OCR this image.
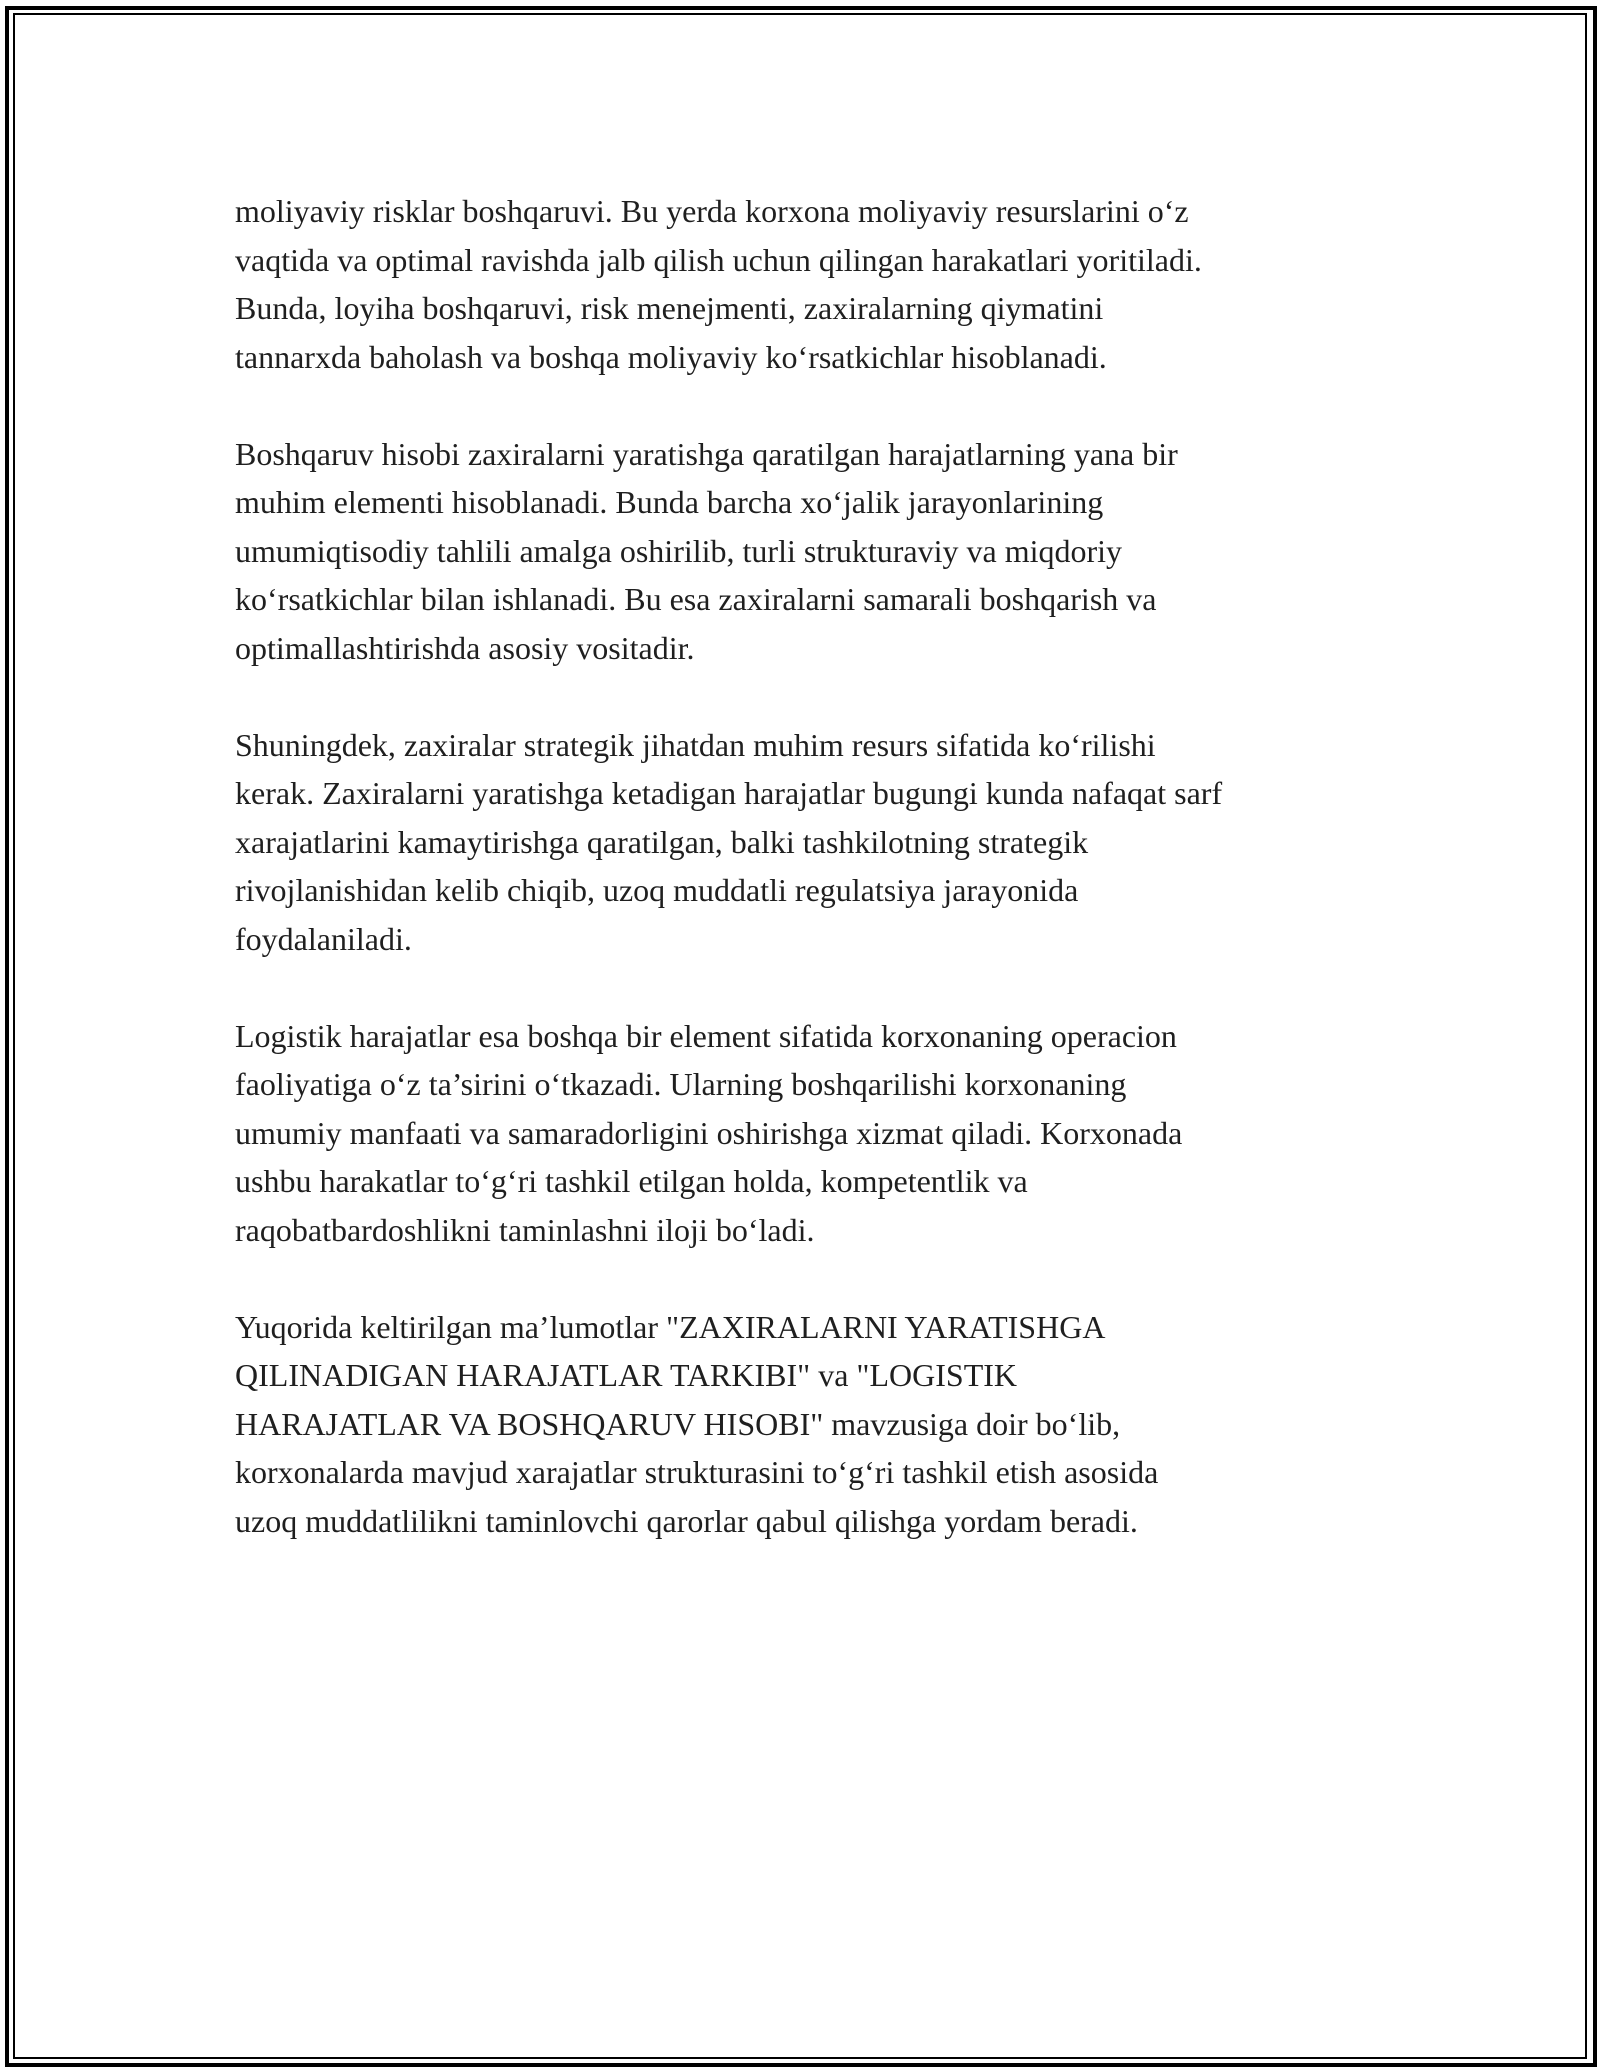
moliyaviy risklar boshqaruvi. Bu yerda korxona moliyaviy resurslarini o‘z
vaqtida va optimal ravishda jalb qilish uchun qilingan harakatlari yoritiladi.
Bunda, loyiha boshqaruvi, risk menejmenti, zaxiralarning qiymatini
tannarxda baholash va boshqa moliyaviy ko‘rsatkichlar hisoblanadi.

Boshqaruv hisobi zaxiralarni yaratishga qaratilgan harajatlarning yana bir
muhim elementi hisoblanadi. Bunda barcha xo‘jalik jarayonlarining
umumiqtisodiy tahlili amalga oshirilib, turli strukturaviy va miqdoriy
ko‘rsatkichlar bilan ishlanadi. Bu esa zaxiralarni samarali boshqarish va
optimallashtirishda asosiy vositadir.

Shuningdek, zaxiralar strategik jihatdan muhim resurs sifatida ko‘rilishi
kerak. Zaxiralarni yaratishga ketadigan harajatlar bugungi kunda nafaqat sarf
xarajatlarini kamaytirishga qaratilgan, balki tashkilotning strategik
rivojlanishidan kelib chiqib, uzoq muddatli regulatsiya jarayonida
foydalaniladi.

Logistik harajatlar esa boshqa bir element sifatida korxonaning operacion
faoliyatiga o‘z ta’sirini o‘tkazadi. Ularning boshqarilishi korxonaning
umumiy manfaati va samaradorligini oshirishga xizmat qiladi. Korxonada
ushbu harakatlar to‘g‘ri tashkil etilgan holda, kompetentlik va
raqobatbardoshlikni taminlashni iloji bo‘ladi.

Yuqorida keltirilgan ma’lumotlar "ZAXIRALARNI YARATISHGA
QILINADIGAN HARAJATLAR TARKIBI" va "LOGISTIK
HARAJATLAR VA BOSHQARUV HISOBI" mavzusiga doir bo‘lib,
korxonalarda mavjud xarajatlar strukturasini to‘g‘ri tashkil etish asosida
uzoq muddatlilikni taminlovchi qarorlar qabul qilishga yordam beradi.
